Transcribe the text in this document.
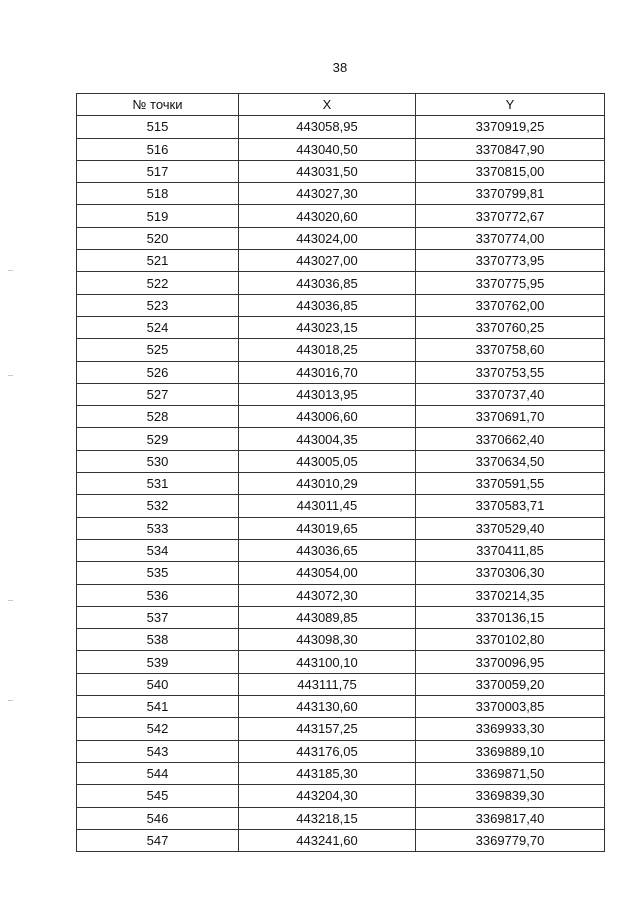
38
№ точки	X	Y
515	443058,95	3370919,25
516	443040,50	3370847,90
517	443031,50	3370815,00
518	443027,30	3370799,81
519	443020,60	3370772,67
520	443024,00	3370774,00
521	443027,00	3370773,95
522	443036,85	3370775,95
523	443036,85	3370762,00
524	443023,15	3370760,25
525	443018,25	3370758,60
526	443016,70	3370753,55
527	443013,95	3370737,40
528	443006,60	3370691,70
529	443004,35	3370662,40
530	443005,05	3370634,50
531	443010,29	3370591,55
532	443011,45	3370583,71
533	443019,65	3370529,40
534	443036,65	3370411,85
535	443054,00	3370306,30
536	443072,30	3370214,35
537	443089,85	3370136,15
538	443098,30	3370102,80
539	443100,10	3370096,95
540	443111,75	3370059,20
541	443130,60	3370003,85
542	443157,25	3369933,30
543	443176,05	3369889,10
544	443185,30	3369871,50
545	443204,30	3369839,30
546	443218,15	3369817,40
547	443241,60	3369779,70
